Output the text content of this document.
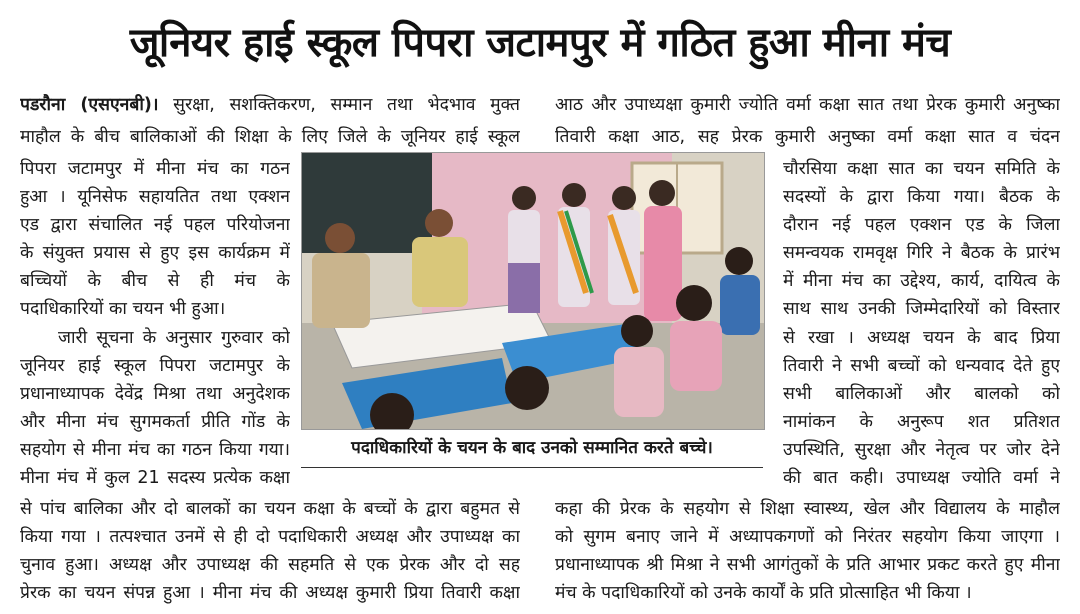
जूनियर हाई स्कूल पिपरा जटामपुर में गठित हुआ मीना मंच
पडरौना (एसएनबी)। सुरक्षा, सशक्तिकरण, सम्मान तथा भेदभाव मुक्त
माहौल के बीच बालिकाओं की शिक्षा के लिए जिले के जूनियर हाई स्कूल
पिपरा जटामपुर में मीना मंच का गठन
हुआ । यूनिसेफ सहायतित तथा एक्शन
एड द्वारा संचालित नई पहल परियोजना
के संयुक्त प्रयास से हुए इस कार्यक्रम में
बच्चियों के बीच से ही मंच के
पदाधिकारियों का चयन भी हुआ।
जारी सूचना के अनुसार गुरुवार को
जूनियर हाई स्कूल पिपरा जटामपुर के
प्रधानाध्यापक देवेंद्र मिश्रा तथा अनुदेशक
और मीना मंच सुगमकर्ता प्रीति गोंड के
सहयोग से मीना मंच का गठन किया गया।
मीना मंच में कुल 21 सदस्य प्रत्येक कक्षा
से पांच बालिका और दो बालकों का चयन कक्षा के बच्चों के द्वारा बहुमत से
किया गया । तत्पश्चात उनमें से ही दो पदाधिकारी अध्यक्ष और उपाध्यक्ष का
चुनाव हुआ। अध्यक्ष और उपाध्यक्ष की सहमति से एक प्रेरक और दो सह
प्रेरक का चयन संपन्न हुआ । मीना मंच की अध्यक्ष कुमारी प्रिया तिवारी कक्षा
आठ और उपाध्यक्षा कुमारी ज्योति वर्मा कक्षा सात तथा प्रेरक कुमारी अनुष्का
तिवारी कक्षा आठ, सह प्रेरक कुमारी अनुष्का वर्मा कक्षा सात व चंदन
चौरसिया कक्षा सात का चयन समिति के
सदस्यों के द्वारा किया गया। बैठक के
दौरान नई पहल एक्शन एड के जिला
समन्वयक रामवृक्ष गिरि ने बैठक के प्रारंभ
में मीना मंच का उद्देश्य, कार्य, दायित्व के
साथ साथ उनकी जिम्मेदारियों को विस्तार
से रखा । अध्यक्ष चयन के बाद प्रिया
तिवारी ने सभी बच्चों को धन्यवाद देते हुए
सभी बालिकाओं और बालको को
नामांकन के अनुरूप शत प्रतिशत
उपस्थिति, सुरक्षा और नेतृत्व पर जोर देने
की बात कही। उपाध्यक्ष ज्योति वर्मा ने
कहा की प्रेरक के सहयोग से शिक्षा स्वास्थ्य, खेल और विद्यालय के माहौल
को सुगम बनाए जाने में अध्यापकगणों को निरंतर सहयोग किया जाएगा ।
प्रधानाध्यापक श्री मिश्रा ने सभी आगंतुकों के प्रति आभार प्रकट करते हुए मीना
मंच के पदाधिकारियों को उनके कार्यों के प्रति प्रोत्साहित भी किया ।
पदाधिकारियों के चयन के बाद उनको सम्मानित करते बच्चे।
